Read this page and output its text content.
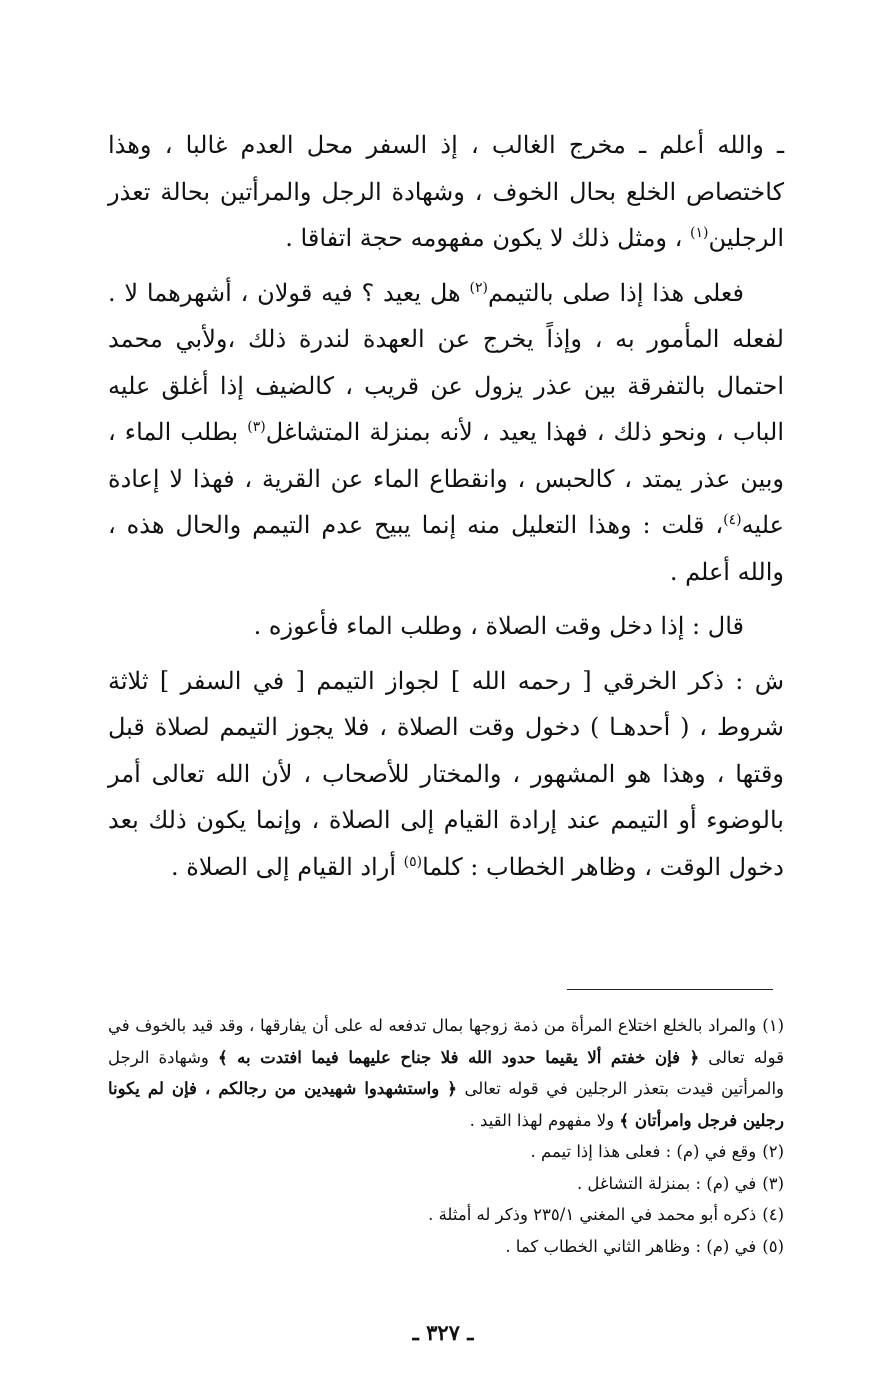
ـ والله أعلم ـ مخرج الغالب ، إذ السفر محل العدم غالبا ، وهذا كاختصاص الخلع بحال الخوف ، وشهادة الرجل والمرأتين بحالة تعذر الرجلين$^{(١)}$ ، ومثل ذلك لا يكون مفهومه حجة اتفاقا .

فعلى هذا إذا صلى بالتيمم$^{(٢)}$ هل يعيد ؟ فيه قولان ، أشهرهما لا . لفعله المأمور به ، وإذاً يخرج عن العهدة لندرة ذلك ،ولأبي محمد احتمال بالتفرقة بين عذر يزول عن قريب ، كالضيف إذا أغلق عليه الباب ، ونحو ذلك ، فهذا يعيد ، لأنه بمنزلة المتشاغل$^{(٣)}$ بطلب الماء ، وبين عذر يمتد ، كالحبس ، وانقطاع الماء عن القرية ، فهذا لا إعادة عليه$^{(٤)}$، قلت : وهذا التعليل منه إنما يبيح عدم التيمم والحال هذه ، والله أعلم .

قال : إذا دخل وقت الصلاة ، وطلب الماء فأعوزه .

ش : ذكر الخرقي [ رحمه الله ] لجواز التيمم [ في السفر ] ثلاثة شروط ، ( أحدهـا ) دخول وقت الصلاة ، فلا يجوز التيمم لصلاة قبل وقتها ، وهذا هو المشهور ، والمختار للأصحاب ، لأن الله تعالى أمر بالوضوء أو التيمم عند إرادة القيام إلى الصلاة ، وإنما يكون ذلك بعد دخول الوقت ، وظاهر الخطاب : كلما$^{(٥)}$ أراد القيام إلى الصلاة .

(١)والمراد بالخلع اختلاع المرأة من ذمة زوجها بمال تدفعه له على أن يفارقها ، وقد قيد بالخوف في قوله تعالى ﴿ فإن خفتم ألا يقيما حدود الله فلا جناح عليهما فيما افتدت به ﴾ وشهادة الرجل والمرأتين قيدت بتعذر الرجلين في قوله تعالى ﴿ واستشهدوا شهيدين من رجالكم ، فإن لم يكونا رجلين فرجل وامرأتان ﴾ ولا مفهوم لهذا القيد .

(٢)وقع في (م) : فعلى هذا إذا تيمم .

(٣)في (م) : بمنزلة التشاغل .

(٤)ذكره أبو محمد في المغني ٢٣٥/١ وذكر له أمثلة .

(٥)في (م) : وظاهر الثاني الخطاب كما .

ـ ٣٢٧ ـ
